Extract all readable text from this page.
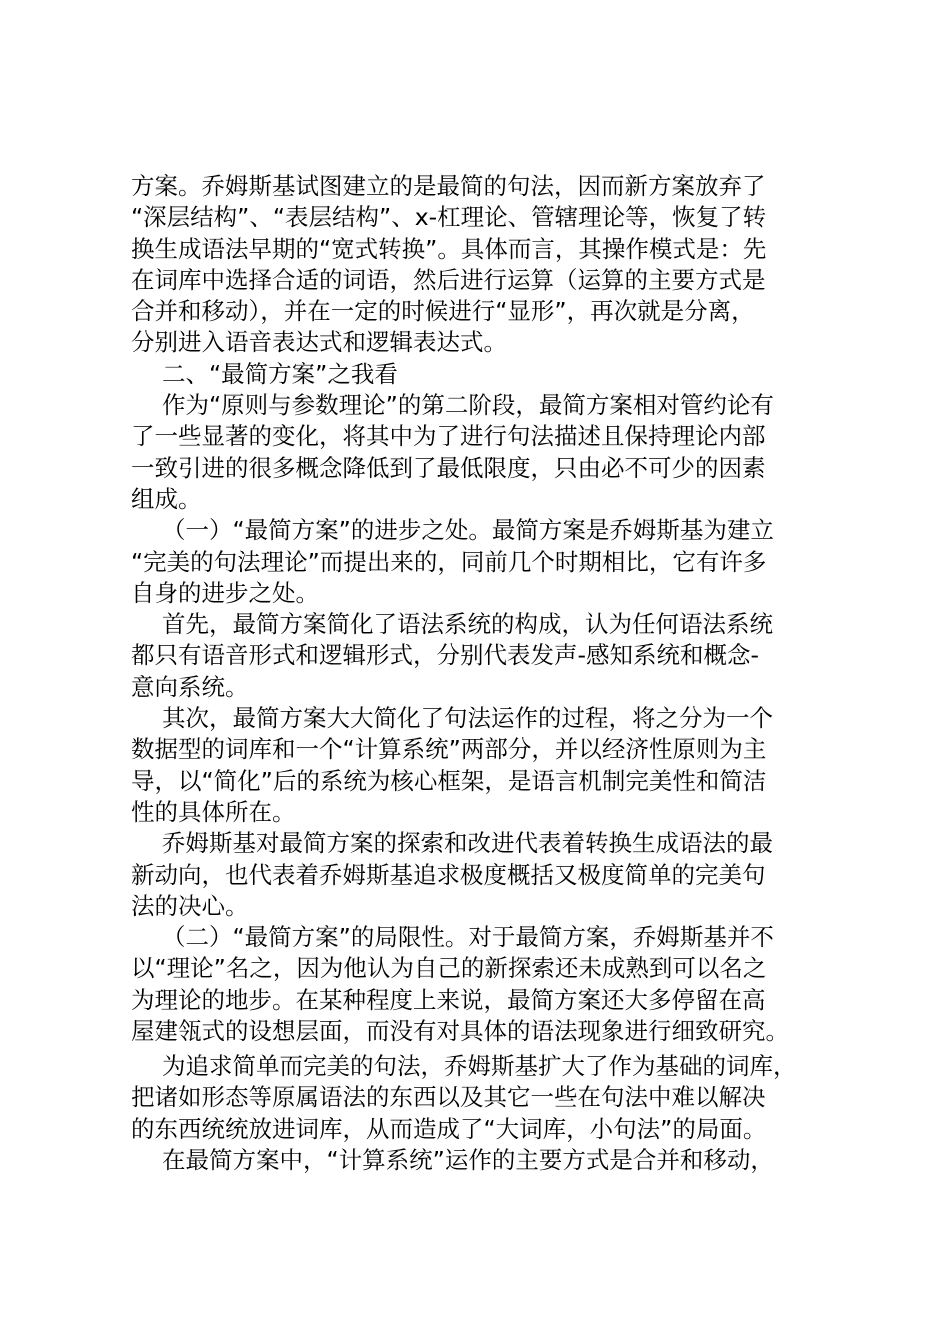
方案。乔姆斯基试图建立的是最简的句法，因而新方案放弃了
“深层结构”、“表层结构”、x-杠理论、管辖理论等，恢复了转
换生成语法早期的“宽式转换”。具体而言，其操作模式是：先
在词库中选择合适的词语，然后进行运算（运算的主要方式是
合并和移动），并在一定的时候进行“显形”，再次就是分离，
分别进入语音表达式和逻辑表达式。
二、“最简方案”之我看
作为“原则与参数理论”的第二阶段，最简方案相对管约论有
了一些显著的变化，将其中为了进行句法描述且保持理论内部
一致引进的很多概念降低到了最低限度，只由必不可少的因素
组成。
（一）“最简方案”的进步之处。最简方案是乔姆斯基为建立
“完美的句法理论”而提出来的，同前几个时期相比，它有许多
自身的进步之处。
首先，最简方案简化了语法系统的构成，认为任何语法系统
都只有语音形式和逻辑形式，分别代表发声-感知系统和概念-
意向系统。
其次，最简方案大大简化了句法运作的过程，将之分为一个
数据型的词库和一个“计算系统”两部分，并以经济性原则为主
导，以“简化”后的系统为核心框架，是语言机制完美性和简洁
性的具体所在。
乔姆斯基对最简方案的探索和改进代表着转换生成语法的最
新动向，也代表着乔姆斯基追求极度概括又极度简单的完美句
法的决心。
（二）“最简方案”的局限性。对于最简方案，乔姆斯基并不
以“理论”名之，因为他认为自己的新探索还未成熟到可以名之
为理论的地步。在某种程度上来说，最简方案还大多停留在高
屋建瓴式的设想层面，而没有对具体的语法现象进行细致研究。
为追求简单而完美的句法，乔姆斯基扩大了作为基础的词库，
把诸如形态等原属语法的东西以及其它一些在句法中难以解决
的东西统统放进词库，从而造成了“大词库，小句法”的局面。
在最简方案中，“计算系统”运作的主要方式是合并和移动，
